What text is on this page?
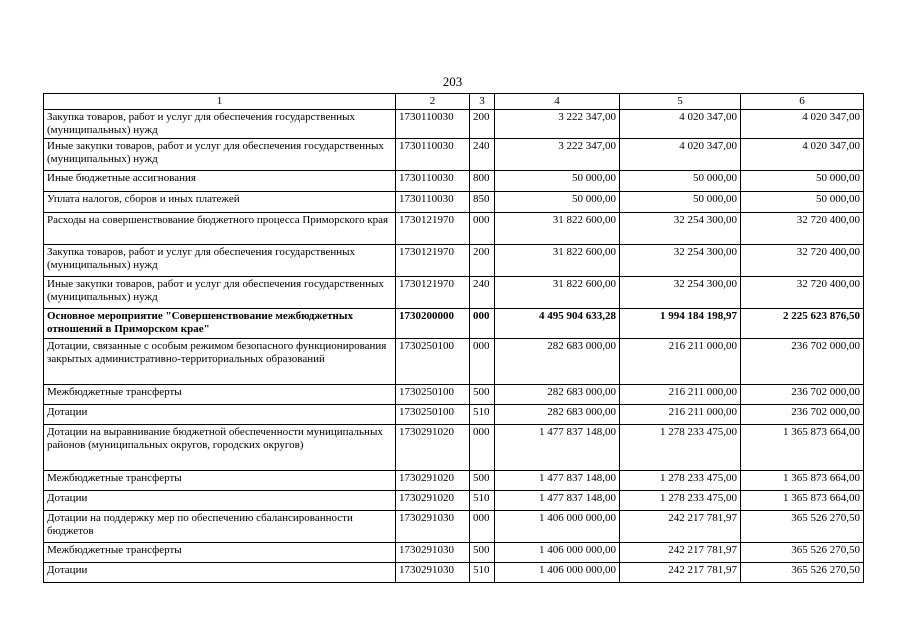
203
1	2	3	4	5	6
Закупка товаров, работ и услуг для обеспечения государственных (муниципальных) нужд	1730110030	200	3 222 347,00	4 020 347,00	4 020 347,00
Иные закупки товаров, работ и услуг для обеспечения государственных (муниципальных) нужд	1730110030	240	3 222 347,00	4 020 347,00	4 020 347,00
Иные бюджетные ассигнования	1730110030	800	50 000,00	50 000,00	50 000,00
Уплата налогов, сборов и иных платежей	1730110030	850	50 000,00	50 000,00	50 000,00
Расходы на совершенствование бюджетного процесса Приморского края	1730121970	000	31 822 600,00	32 254 300,00	32 720 400,00
Закупка товаров, работ и услуг для обеспечения государственных (муниципальных) нужд	1730121970	200	31 822 600,00	32 254 300,00	32 720 400,00
Иные закупки товаров, работ и услуг для обеспечения государственных (муниципальных) нужд	1730121970	240	31 822 600,00	32 254 300,00	32 720 400,00
Основное мероприятие "Совершенствование межбюджетных отношений в Приморском крае"	1730200000	000	4 495 904 633,28	1 994 184 198,97	2 225 623 876,50
Дотации, связанные с особым режимом безопасного функционирования закрытых административно-территориальных образований	1730250100	000	282 683 000,00	216 211 000,00	236 702 000,00
Межбюджетные трансферты	1730250100	500	282 683 000,00	216 211 000,00	236 702 000,00
Дотации	1730250100	510	282 683 000,00	216 211 000,00	236 702 000,00
Дотации на выравнивание бюджетной обеспеченности муниципальных районов (муниципальных округов, городских округов)	1730291020	000	1 477 837 148,00	1 278 233 475,00	1 365 873 664,00
Межбюджетные трансферты	1730291020	500	1 477 837 148,00	1 278 233 475,00	1 365 873 664,00
Дотации	1730291020	510	1 477 837 148,00	1 278 233 475,00	1 365 873 664,00
Дотации на поддержку мер по обеспечению сбалансированности бюджетов	1730291030	000	1 406 000 000,00	242 217 781,97	365 526 270,50
Межбюджетные трансферты	1730291030	500	1 406 000 000,00	242 217 781,97	365 526 270,50
Дотации	1730291030	510	1 406 000 000,00	242 217 781,97	365 526 270,50
